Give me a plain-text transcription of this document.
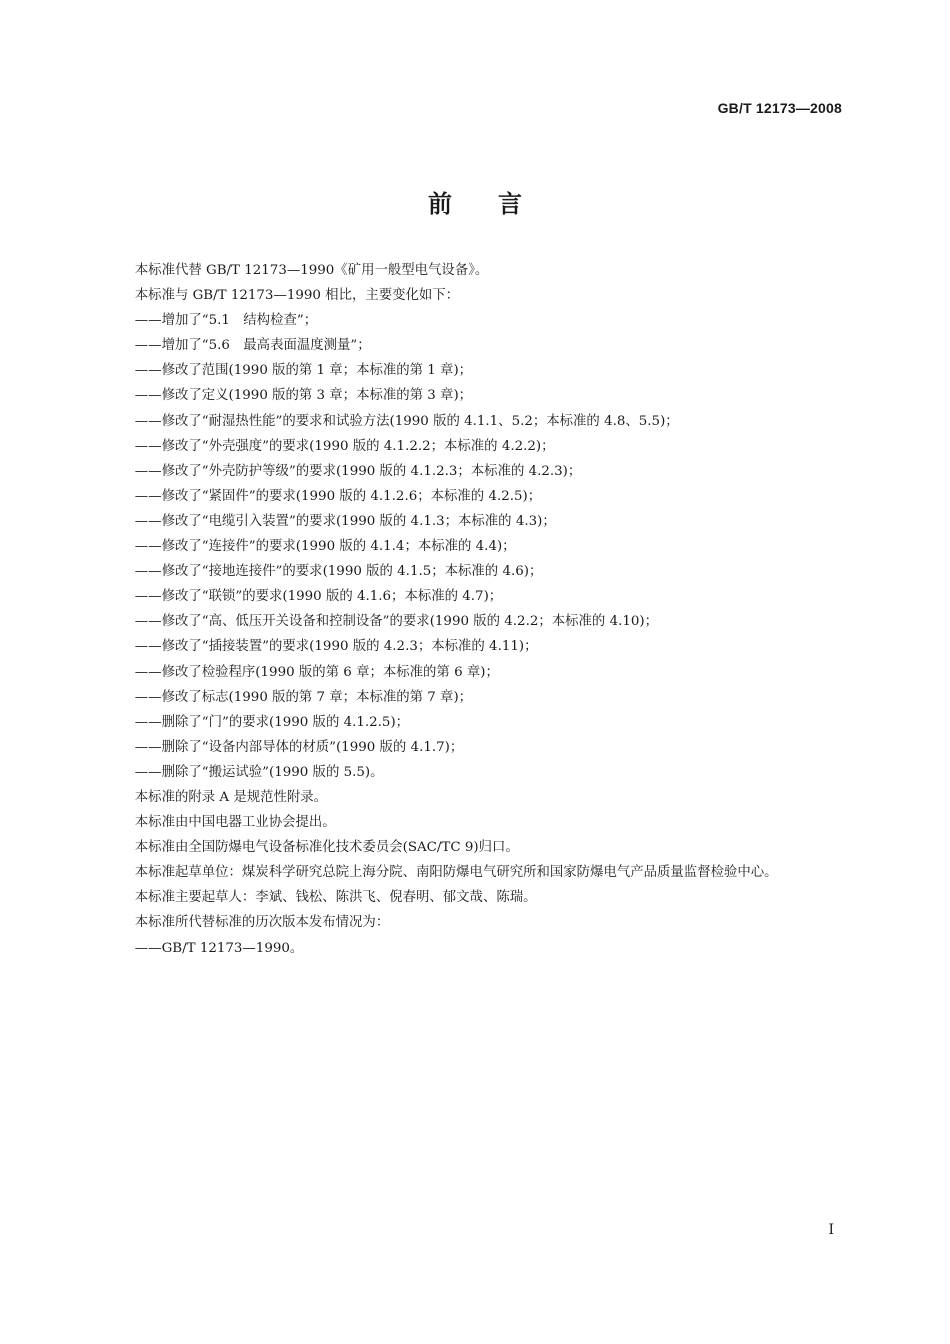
GB/T 12173—2008
前言

本标准代替 GB/T 12173—1990《矿用一般型电气设备》。

本标准与 GB/T 12173—1990 相比，主要变化如下：

——增加了“5.1　结构检查”；

——增加了“5.6　最高表面温度测量”；

——修改了范围(1990 版的第 1 章；本标准的第 1 章)；

——修改了定义(1990 版的第 3 章；本标准的第 3 章)；

——修改了“耐湿热性能”的要求和试验方法(1990 版的 4.1.1、5.2；本标准的 4.8、5.5)；

——修改了“外壳强度”的要求(1990 版的 4.1.2.2；本标准的 4.2.2)；

——修改了“外壳防护等级”的要求(1990 版的 4.1.2.3；本标准的 4.2.3)；

——修改了“紧固件”的要求(1990 版的 4.1.2.6；本标准的 4.2.5)；

——修改了“电缆引入装置”的要求(1990 版的 4.1.3；本标准的 4.3)；

——修改了“连接件”的要求(1990 版的 4.1.4；本标准的 4.4)；

——修改了“接地连接件”的要求(1990 版的 4.1.5；本标准的 4.6)；

——修改了“联锁”的要求(1990 版的 4.1.6；本标准的 4.7)；

——修改了“高、低压开关设备和控制设备”的要求(1990 版的 4.2.2；本标准的 4.10)；

——修改了“插接装置”的要求(1990 版的 4.2.3；本标准的 4.11)；

——修改了检验程序(1990 版的第 6 章；本标准的第 6 章)；

——修改了标志(1990 版的第 7 章；本标准的第 7 章)；

——删除了“门”的要求(1990 版的 4.1.2.5)；

——删除了“设备内部导体的材质”(1990 版的 4.1.7)；

——删除了“搬运试验”(1990 版的 5.5)。

本标准的附录 A 是规范性附录。

本标准由中国电器工业协会提出。

本标准由全国防爆电气设备标准化技术委员会(SAC/TC 9)归口。

本标准起草单位：煤炭科学研究总院上海分院、南阳防爆电气研究所和国家防爆电气产品质量监督检验中心。

本标准主要起草人：李斌、钱松、陈洪飞、倪春明、郁文哉、陈瑞。

本标准所代替标准的历次版本发布情况为：

——GB/T 12173—1990。

I
